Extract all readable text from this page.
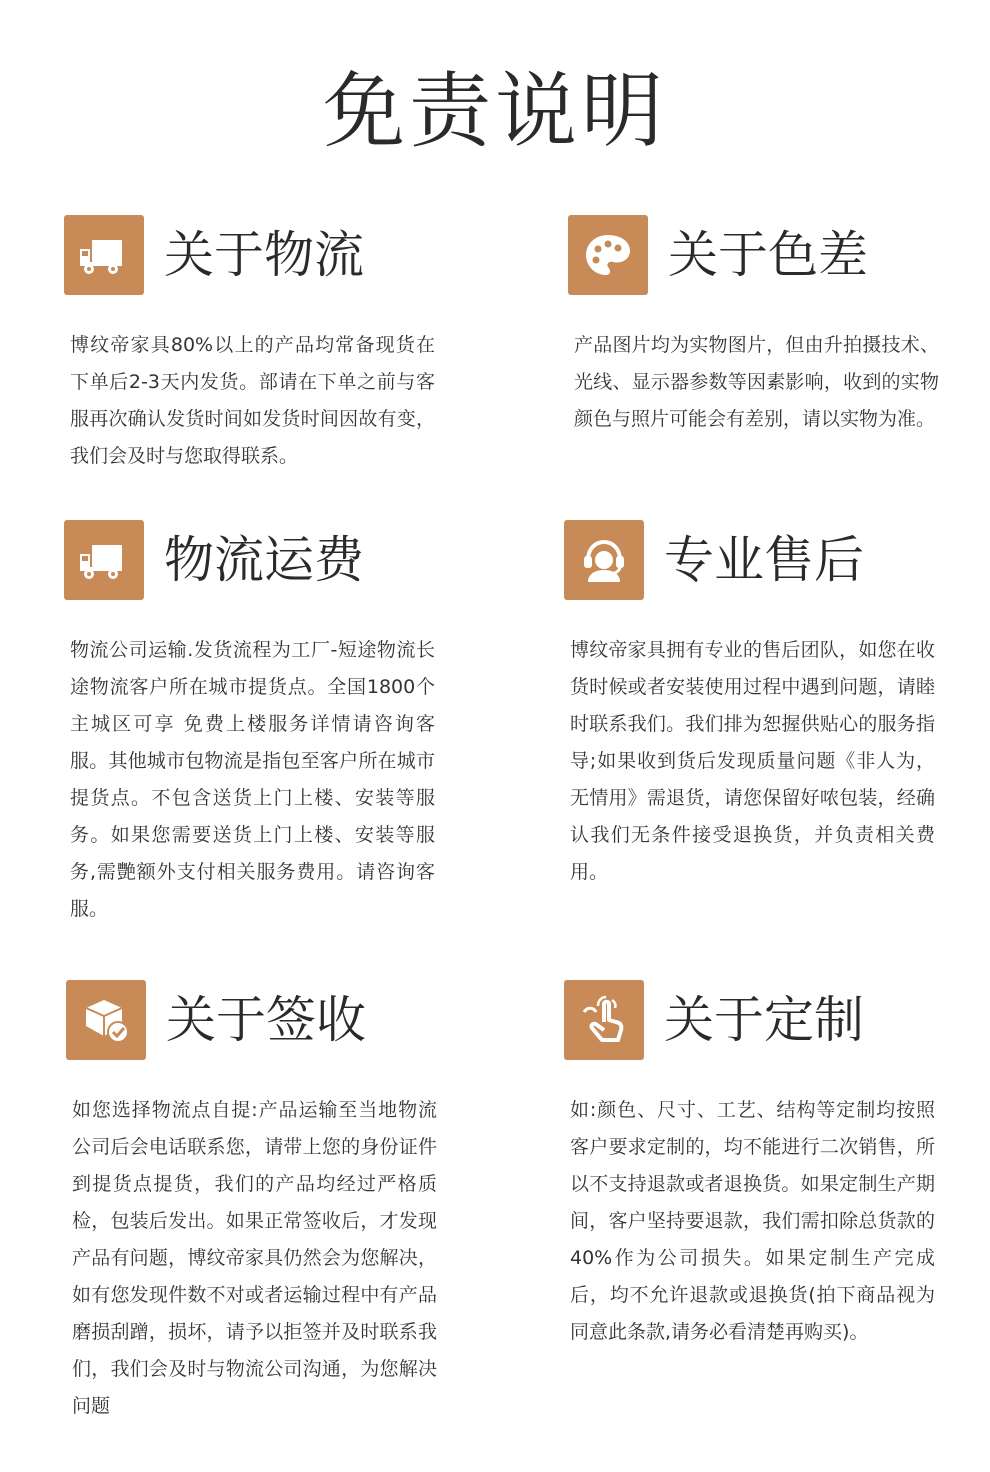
免责说明
关于物流
博纹帝家具80%以上的产品均常备现货在下单后2-3天内发货。部请在下单之前与客服再次确认发货时间如发货时间因故有变，我们会及时与您取得联系。
关于色差
产品图片均为实物图片，但由升拍摄技术、光线、显示器参数等因素影响，收到的实物颜色与照片可能会有差别，请以实物为准。
物流运费
物流公司运输.发货流程为工厂-短途物流长途物流客户所在城市提货点。全国1800个主城区可享 免费上楼服务详情请咨询客服。其他城市包物流是指包至客户所在城市提货点。不包含送货上门上楼、安装等服务。如果您需要送货上门上楼、安装等服务,需艷额外支付相关服务费用。请咨询客服。
专业售后
博纹帝家具拥有专业的售后团队，如您在收货时候或者安装使用过程中遇到问题，请睦时联系我们。我们排为恕握供贴心的服务指导;如果收到货后发现质量问题《非人为，无情用》需退货，请您保留好哝包装，经确认我们无条件接受退换货，并负责相关费用。
关于签收
如您选择物流点自提:产品运输至当地物流公司后会电话联系您，请带上您的身份证件到提货点提货，我们的产品均经过严格质检，包装后发出。如果正常签收后，才发现产品有问题，博纹帝家具仍然会为您解决，如有您发现件数不对或者运输过程中有产品磨损刮蹭，损坏，请予以拒签并及时联系我们，我们会及时与物流公司沟通，为您解决问题
关于定制
如:颜色、尺寸、工艺、结构等定制均按照客户要求定制的，均不能进行二次销售，所以不支持退款或者退换货。如果定制生产期间，客户坚持要退款，我们需扣除总货款的40%作为公司损失。如果定制生产完成后，均不允许退款或退换货(拍下商品视为同意此条款,请务必看清楚再购买)。
